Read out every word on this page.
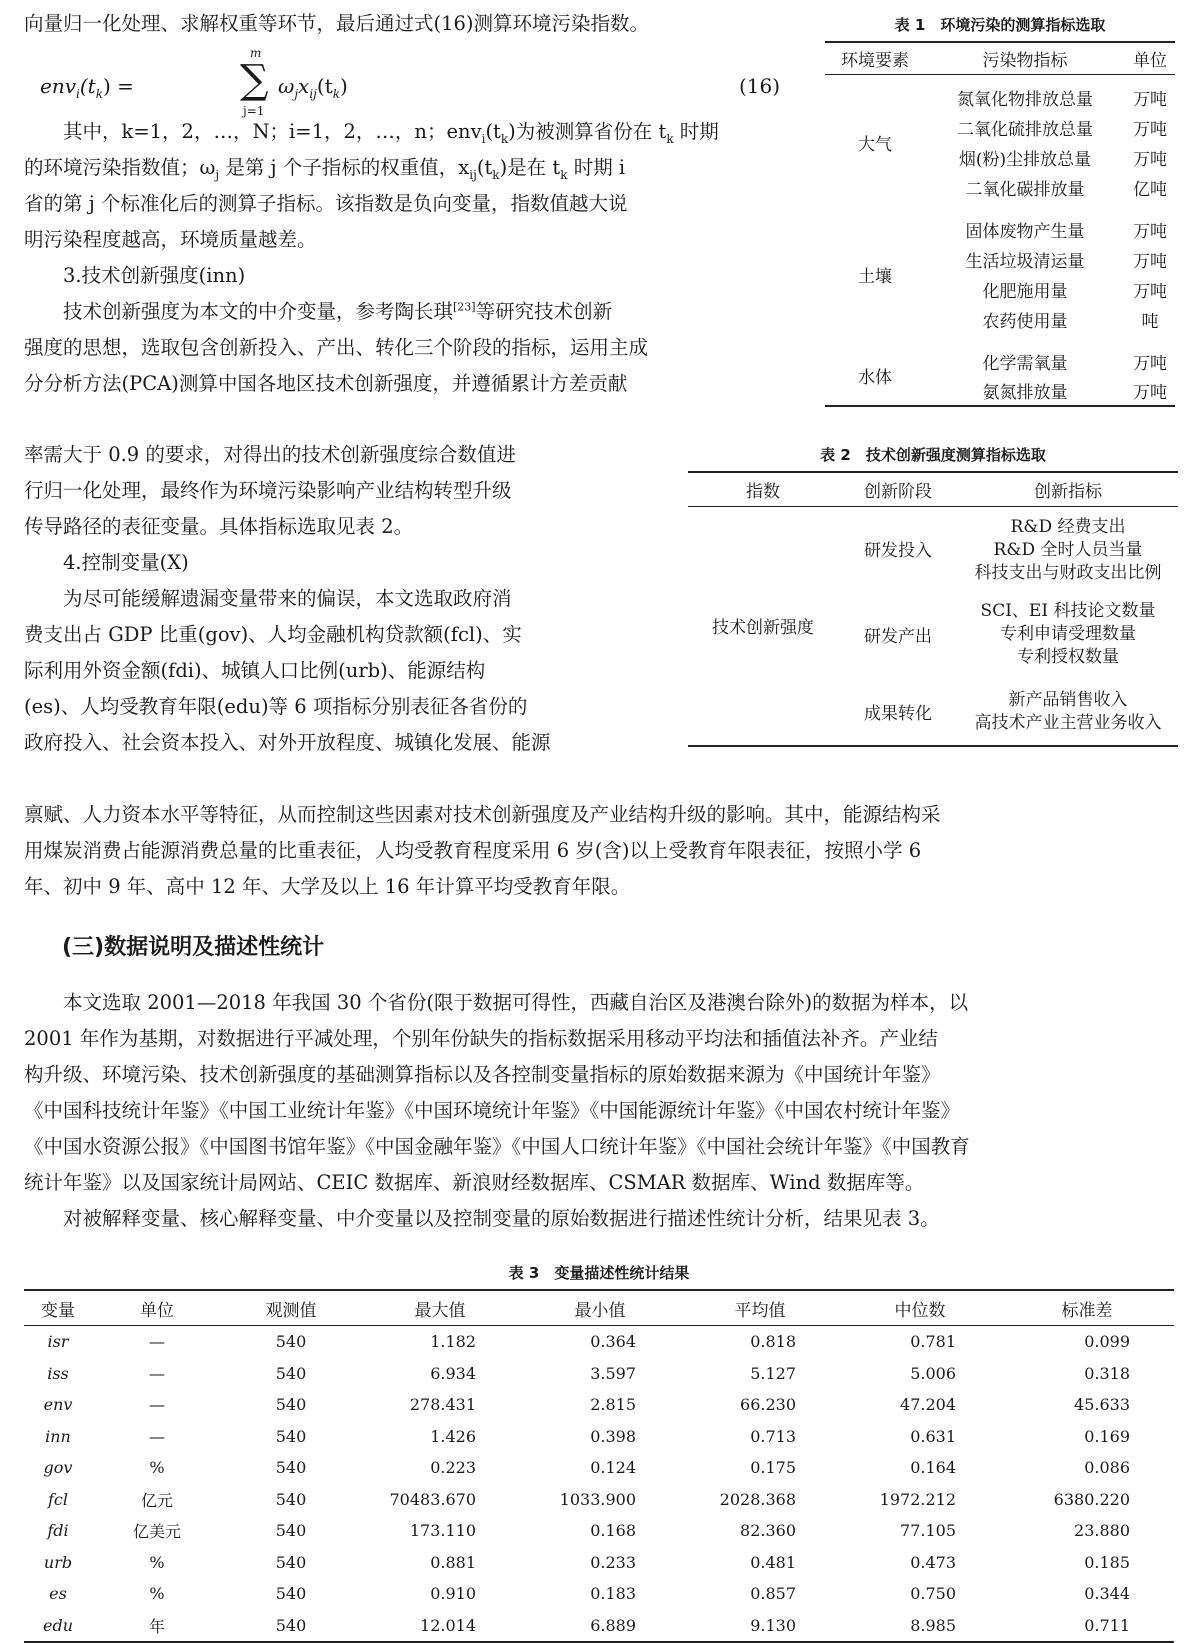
向量归一化处理、求解权重等环节，最后通过式(16)测算环境污染指数。

$env_i(t_k)$ =
m
∑
j=1
$\omega_jx_{ij}(t_k)$	(16)

其中，k=1，2，…，N；i=1，2，…，n；$env_i(t_k)$为被测算省份在 $t_k$ 时期

的环境污染指数值；$\omega_j$ 是第 j 个子指标的权重值，$x_{ij}(t_k)$是在 $t_k$ 时期 i

省的第 j 个标准化后的测算子指标。该指数是负向变量，指数值越大说

明污染程度越高，环境质量越差。

3.技术创新强度(inn)

技术创新强度为本文的中介变量，参考陶长琪[23]等研究技术创新

强度的思想，选取包含创新投入、产出、转化三个阶段的指标，运用主成

分分析方法(PCA)测算中国各地区技术创新强度，并遵循累计方差贡献

率需大于 0.9 的要求，对得出的技术创新强度综合数值进

行归一化处理，最终作为环境污染影响产业结构转型升级

传导路径的表征变量。具体指标选取见表 2。

4.控制变量(X)

为尽可能缓解遗漏变量带来的偏误，本文选取政府消

费支出占 GDP 比重(gov)、人均金融机构贷款额(fcl)、实

际利用外资金额(fdi)、城镇人口比例(urb)、能源结构

(es)、人均受教育年限(edu)等 6 项指标分别表征各省份的

政府投入、社会资本投入、对外开放程度、城镇化发展、能源

禀赋、人力资本水平等特征，从而控制这些因素对技术创新强度及产业结构升级的影响。其中，能源结构采

用煤炭消费占能源消费总量的比重表征，人均受教育程度采用 6 岁(含)以上受教育年限表征，按照小学 6

年、初中 9 年、高中 12 年、大学及以上 16 年计算平均受教育年限。

表 1　环境污染的测算指标选取
环境要素	污染物指标	单位

大气	氮氧化物排放总量	万吨
	二氧化硫排放总量	万吨
	烟(粉)尘排放总量	万吨
	二氧化碳排放量	亿吨

土壤	固体废物产生量	万吨
	生活垃圾清运量	万吨
	化肥施用量	万吨
	农药使用量	吨

水体	化学需氧量	万吨
	氨氮排放量	万吨
表 2　技术创新强度测算指标选取
指数	创新阶段	创新指标
技术创新强度	研发投入	R&D 经费支出
R&D 全时人员当量
科技支出与财政支出比例

	研发产出	SCI、EI 科技论文数量
专利申请受理数量
专利授权数量

	成果转化	新产品销售收入
高技术产业主营业务收入
(三)数据说明及描述性统计

本文选取 2001—2018 年我国 30 个省份(限于数据可得性，西藏自治区及港澳台除外)的数据为样本，以

2001 年作为基期，对数据进行平减处理，个别年份缺失的指标数据采用移动平均法和插值法补齐。产业结

构升级、环境污染、技术创新强度的基础测算指标以及各控制变量指标的原始数据来源为《中国统计年鉴》

《中国科技统计年鉴》《中国工业统计年鉴》《中国环境统计年鉴》《中国能源统计年鉴》《中国农村统计年鉴》

《中国水资源公报》《中国图书馆年鉴》《中国金融年鉴》《中国人口统计年鉴》《中国社会统计年鉴》《中国教育

统计年鉴》以及国家统计局网站、CEIC 数据库、新浪财经数据库、CSMAR 数据库、Wind 数据库等。

对被解释变量、核心解释变量、中介变量以及控制变量的原始数据进行描述性统计分析，结果见表 3。

表 3　变量描述性统计结果
变量	单位	观测值	最大值	最小值	平均值	中位数	标准差
isr	—	540	1.182	0.364	0.818	0.781	0.099
iss	—	540	6.934	3.597	5.127	5.006	0.318
env	—	540	278.431	2.815	66.230	47.204	45.633
inn	—	540	1.426	0.398	0.713	0.631	0.169
gov	%	540	0.223	0.124	0.175	0.164	0.086
fcl	亿元	540	70483.670	1033.900	2028.368	1972.212	6380.220
fdi	亿美元	540	173.110	0.168	82.360	77.105	23.880
urb	%	540	0.881	0.233	0.481	0.473	0.185
es	%	540	0.910	0.183	0.857	0.750	0.344
edu	年	540	12.014	6.889	9.130	8.985	0.711
